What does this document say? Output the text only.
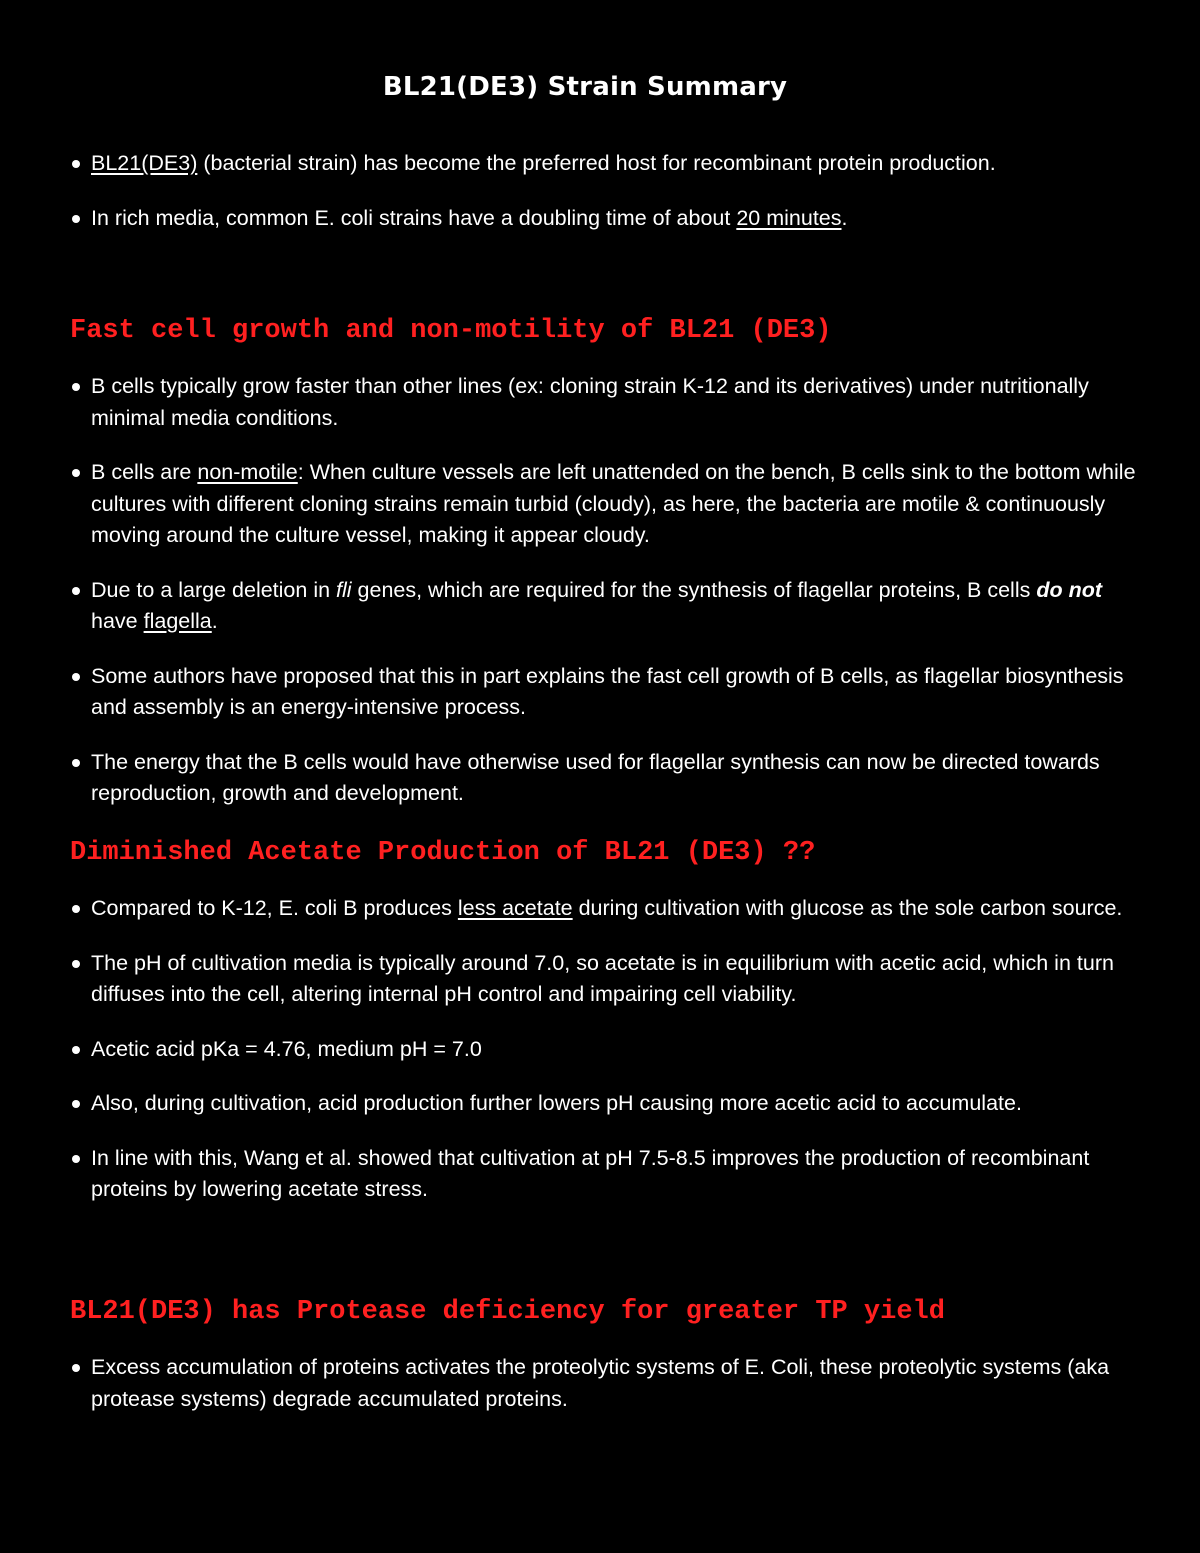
BL21(DE3) Strain Summary
BL21(DE3) (bacterial strain) has become the preferred host for recombinant protein production.
In rich media, common E. coli strains have a doubling time of about 20 minutes.
Fast cell growth and non-motility of BL21 (DE3)
B cells typically grow faster than other lines (ex: cloning strain K-12 and its derivatives) under nutritionally minimal media conditions.
B cells are non-motile: When culture vessels are left unattended on the bench, B cells sink to the bottom while cultures with different cloning strains remain turbid (cloudy), as here, the bacteria are motile & continuously moving around the culture vessel, making it appear cloudy.
Due to a large deletion in fli genes, which are required for the synthesis of flagellar proteins, B cells do not have flagella.
Some authors have proposed that this in part explains the fast cell growth of B cells, as flagellar biosynthesis and assembly is an energy-intensive process.
The energy that the B cells would have otherwise used for flagellar synthesis can now be directed towards reproduction, growth and development.
Diminished Acetate Production of BL21 (DE3) ??
Compared to K-12, E. coli B produces less acetate during cultivation with glucose as the sole carbon source.
The pH of cultivation media is typically around 7.0, so acetate is in equilibrium with acetic acid, which in turn diffuses into the cell, altering internal pH control and impairing cell viability.
Acetic acid pKa = 4.76, medium pH = 7.0
Also, during cultivation, acid production further lowers pH causing more acetic acid to accumulate.
In line with this, Wang et al. showed that cultivation at pH 7.5-8.5 improves the production of recombinant proteins by lowering acetate stress.
BL21(DE3) has Protease deficiency for greater TP yield
Excess accumulation of proteins activates the proteolytic systems of E. Coli, these proteolytic systems (aka protease systems) degrade accumulated proteins.
